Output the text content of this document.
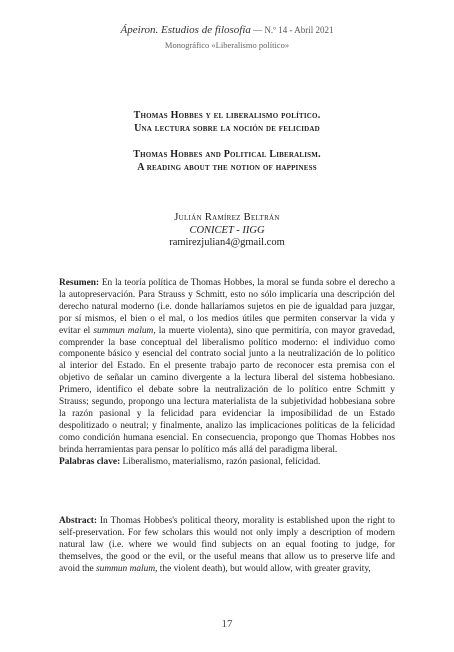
Ápeiron. Estudios de filosofía — N.º 14 - Abril 2021
Monográfico «Liberalismo político»
Thomas Hobbes y el liberalismo político.
Una lectura sobre la noción de felicidad
Thomas Hobbes and Political Liberalism.
A reading about the notion of happiness
Julián Ramírez Beltrán
CONICET - IIGG
ramirezjulian4@gmail.com
Resumen: En la teoría política de Thomas Hobbes, la moral se funda sobre el derecho a la autopreservación. Para Strauss y Schmitt, esto no sólo implicaría una descripción del derecho natural moderno (i.e. donde hallaríamos sujetos en pie de igualdad para juzgar, por sí mismos, el bien o el mal, o los medios útiles que permiten conservar la vida y evitar el summun malum, la muerte violenta), sino que permitiría, con mayor gravedad, comprender la base conceptual del liberalismo político moderno: el individuo como componente básico y esencial del contrato social junto a la neutralización de lo político al interior del Estado. En el presente trabajo parto de reconocer esta premisa con el objetivo de señalar un camino divergente a la lectura liberal del sistema hobbesiano. Primero, identifico el debate sobre la neutralización de lo político entre Schmitt y Strauss; segundo, propongo una lectura materialista de la subjetividad hobbesiana sobre la razón pasional y la felicidad para evidenciar la imposibilidad de un Estado despolitizado o neutral; y finalmente, analizo las implicaciones políticas de la felicidad como condición humana esencial. En consecuencia, propongo que Thomas Hobbes nos brinda herramientas para pensar lo político más allá del paradigma liberal.
Palabras clave: Liberalismo, materialismo, razón pasional, felicidad.
Abstract: In Thomas Hobbes's political theory, morality is established upon the right to self-preservation. For few scholars this would not only imply a description of modern natural law (i.e. where we would find subjects on an equal footing to judge, for themselves, the good or the evil, or the useful means that allow us to preserve life and avoid the summun malum, the violent death), but would allow, with greater gravity,
17
